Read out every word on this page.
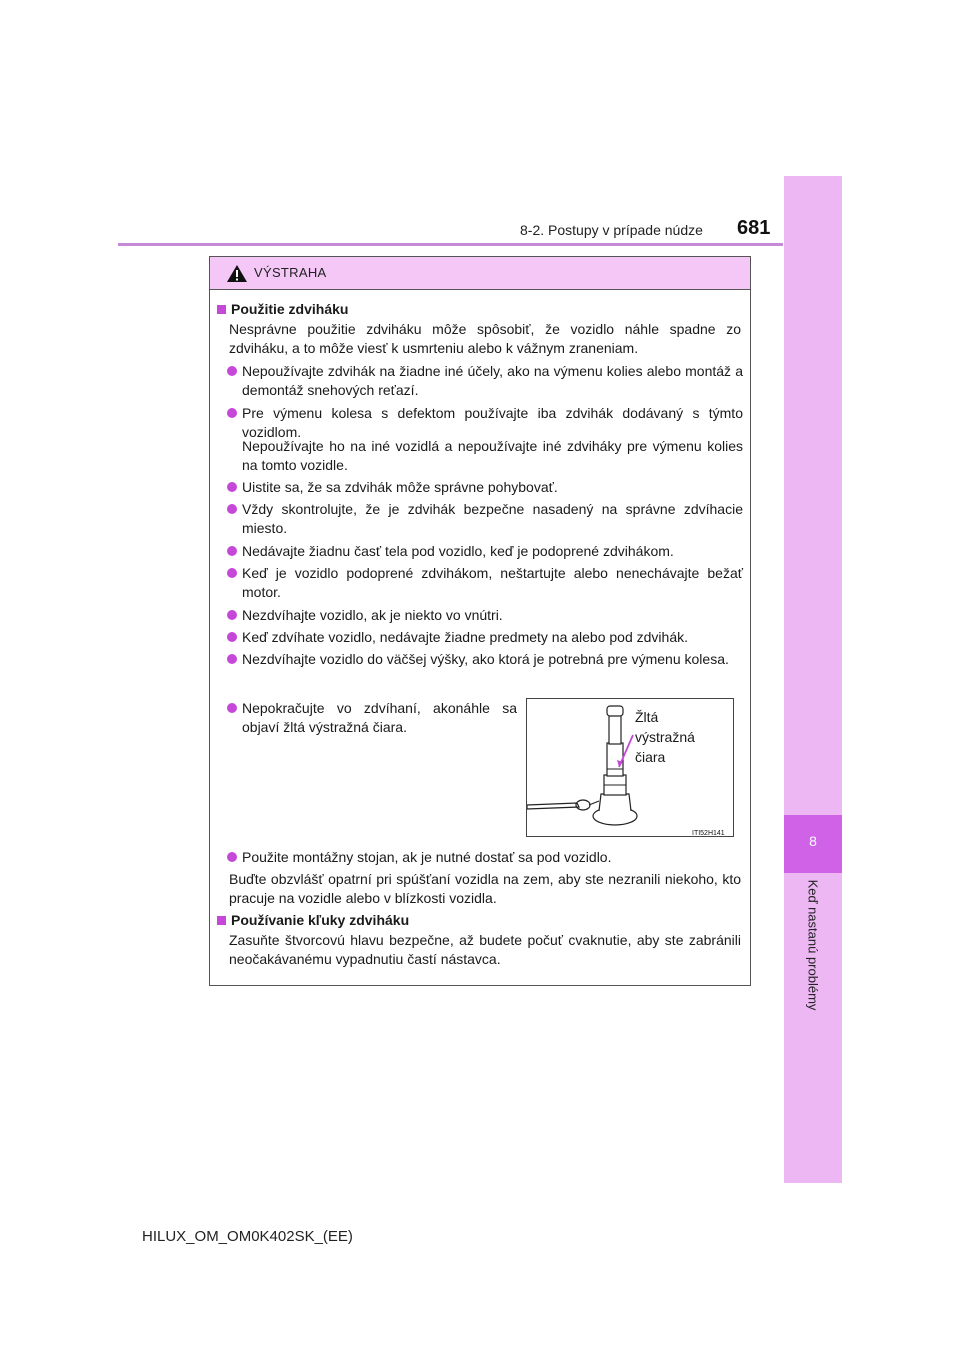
8-2. Postupy v prípade núdze 681
8
Keď nastanú problémy
VÝSTRAHA
Použitie zdviháku
Nesprávne použitie zdviháku môže spôsobiť, že vozidlo náhle spadne zo zdviháku, a to môže viesť k usmrteniu alebo k vážnym zraneniam.
Nepoužívajte zdvihák na žiadne iné účely, ako na výmenu kolies alebo montáž a demontáž snehových reťazí.
Pre výmenu kolesa s defektom používajte iba zdvihák dodávaný s týmto vozidlom.
Nepoužívajte ho na iné vozidlá a nepoužívajte iné zdviháky pre výmenu kolies na tomto vozidle.
Uistite sa, že sa zdvihák môže správne pohybovať.
Vždy skontrolujte, že je zdvihák bezpečne nasadený na správne zdvíhacie miesto.
Nedávajte žiadnu časť tela pod vozidlo, keď je podoprené zdvihákom.
Keď je vozidlo podoprené zdvihákom, neštartujte alebo nenechávajte bežať motor.
Nezdvíhajte vozidlo, ak je niekto vo vnútri.
Keď zdvíhate vozidlo, nedávajte žiadne predmety na alebo pod zdvihák.
Nezdvíhajte vozidlo do väčšej výšky, ako ktorá je potrebná pre výmenu kolesa.
Nepokračujte vo zdvíhaní, akonáhle sa objaví žltá výstražná čiara.
Žltá
výstražná
čiara
ITI52H141
Použite montážny stojan, ak je nutné dostať sa pod vozidlo.
Buďte obzvlášť opatrní pri spúšťaní vozidla na zem, aby ste nezranili niekoho, kto pracuje na vozidle alebo v blízkosti vozidla.
Používanie kľuky zdviháku
Zasuňte štvorcovú hlavu bezpečne, až budete počuť cvaknutie, aby ste zabránili neočakávanému vypadnutiu častí nástavca.
HILUX_OM_OM0K402SK_(EE)
